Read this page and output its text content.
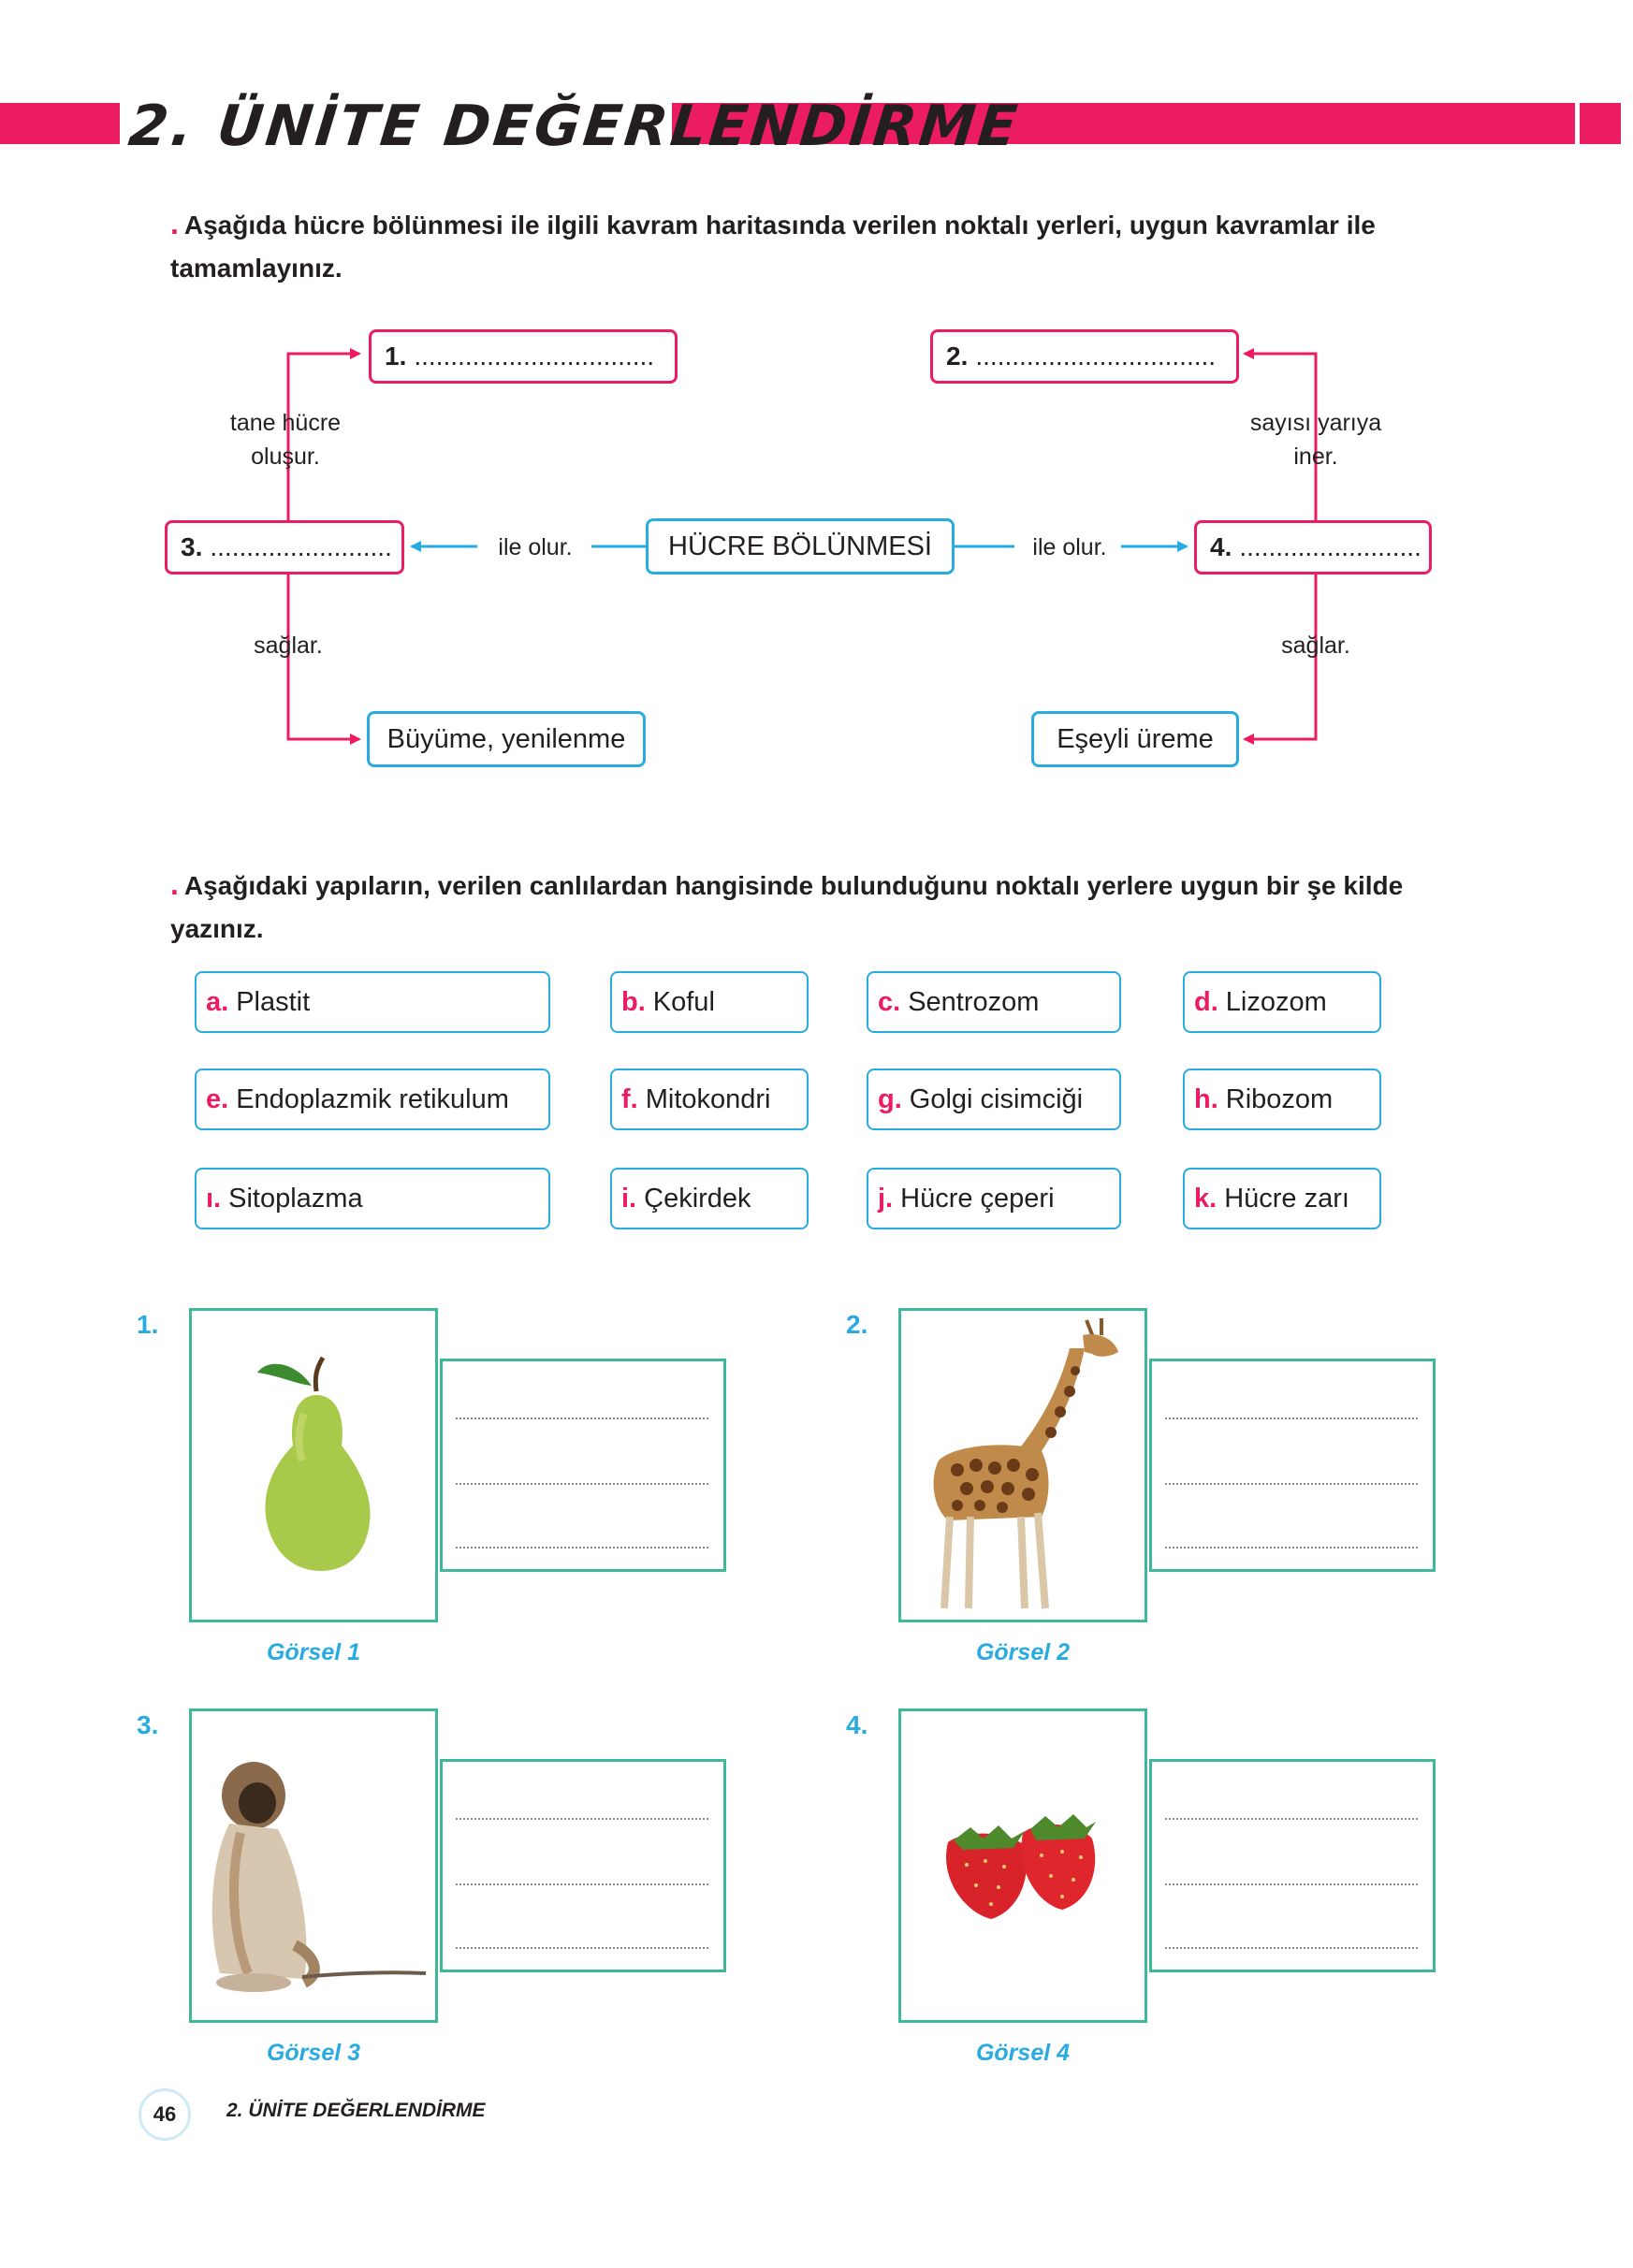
2. ÜNİTE DEĞERLENDİRME
. Aşağıda hücre bölünmesi ile ilgili kavram haritasında verilen noktalı yerleri, uygun kavramlar ile tamamlayınız.
1. .................................	2. .................................
3. .........................	4. .........................
HÜCRE BÖLÜNMESİ
Büyüme, yenilenme	Eşeyli üreme
tane hücre
oluşur.
sayısı yarıya
iner.
ile olur.	ile olur.
sağlar.	sağlar.
. Aşağıdaki yapıların, verilen canlılardan hangisinde bulunduğunu noktalı yerlere uygun bir şe kilde yazınız.
a. Plastit	b. Koful	c. Sentrozom	d. Lizozom
e. Endoplazmik retikulum	f. Mitokondri	g. Golgi cisimciği	h. Ribozom
ı. Sitoplazma	i. Çekirdek	j. Hücre çeperi	k. Hücre zarı
1.
Görsel 1
2.
Görsel 2
3.
Görsel 3
4.
Görsel 4
46	2. ÜNİTE DEĞERLENDİRME
